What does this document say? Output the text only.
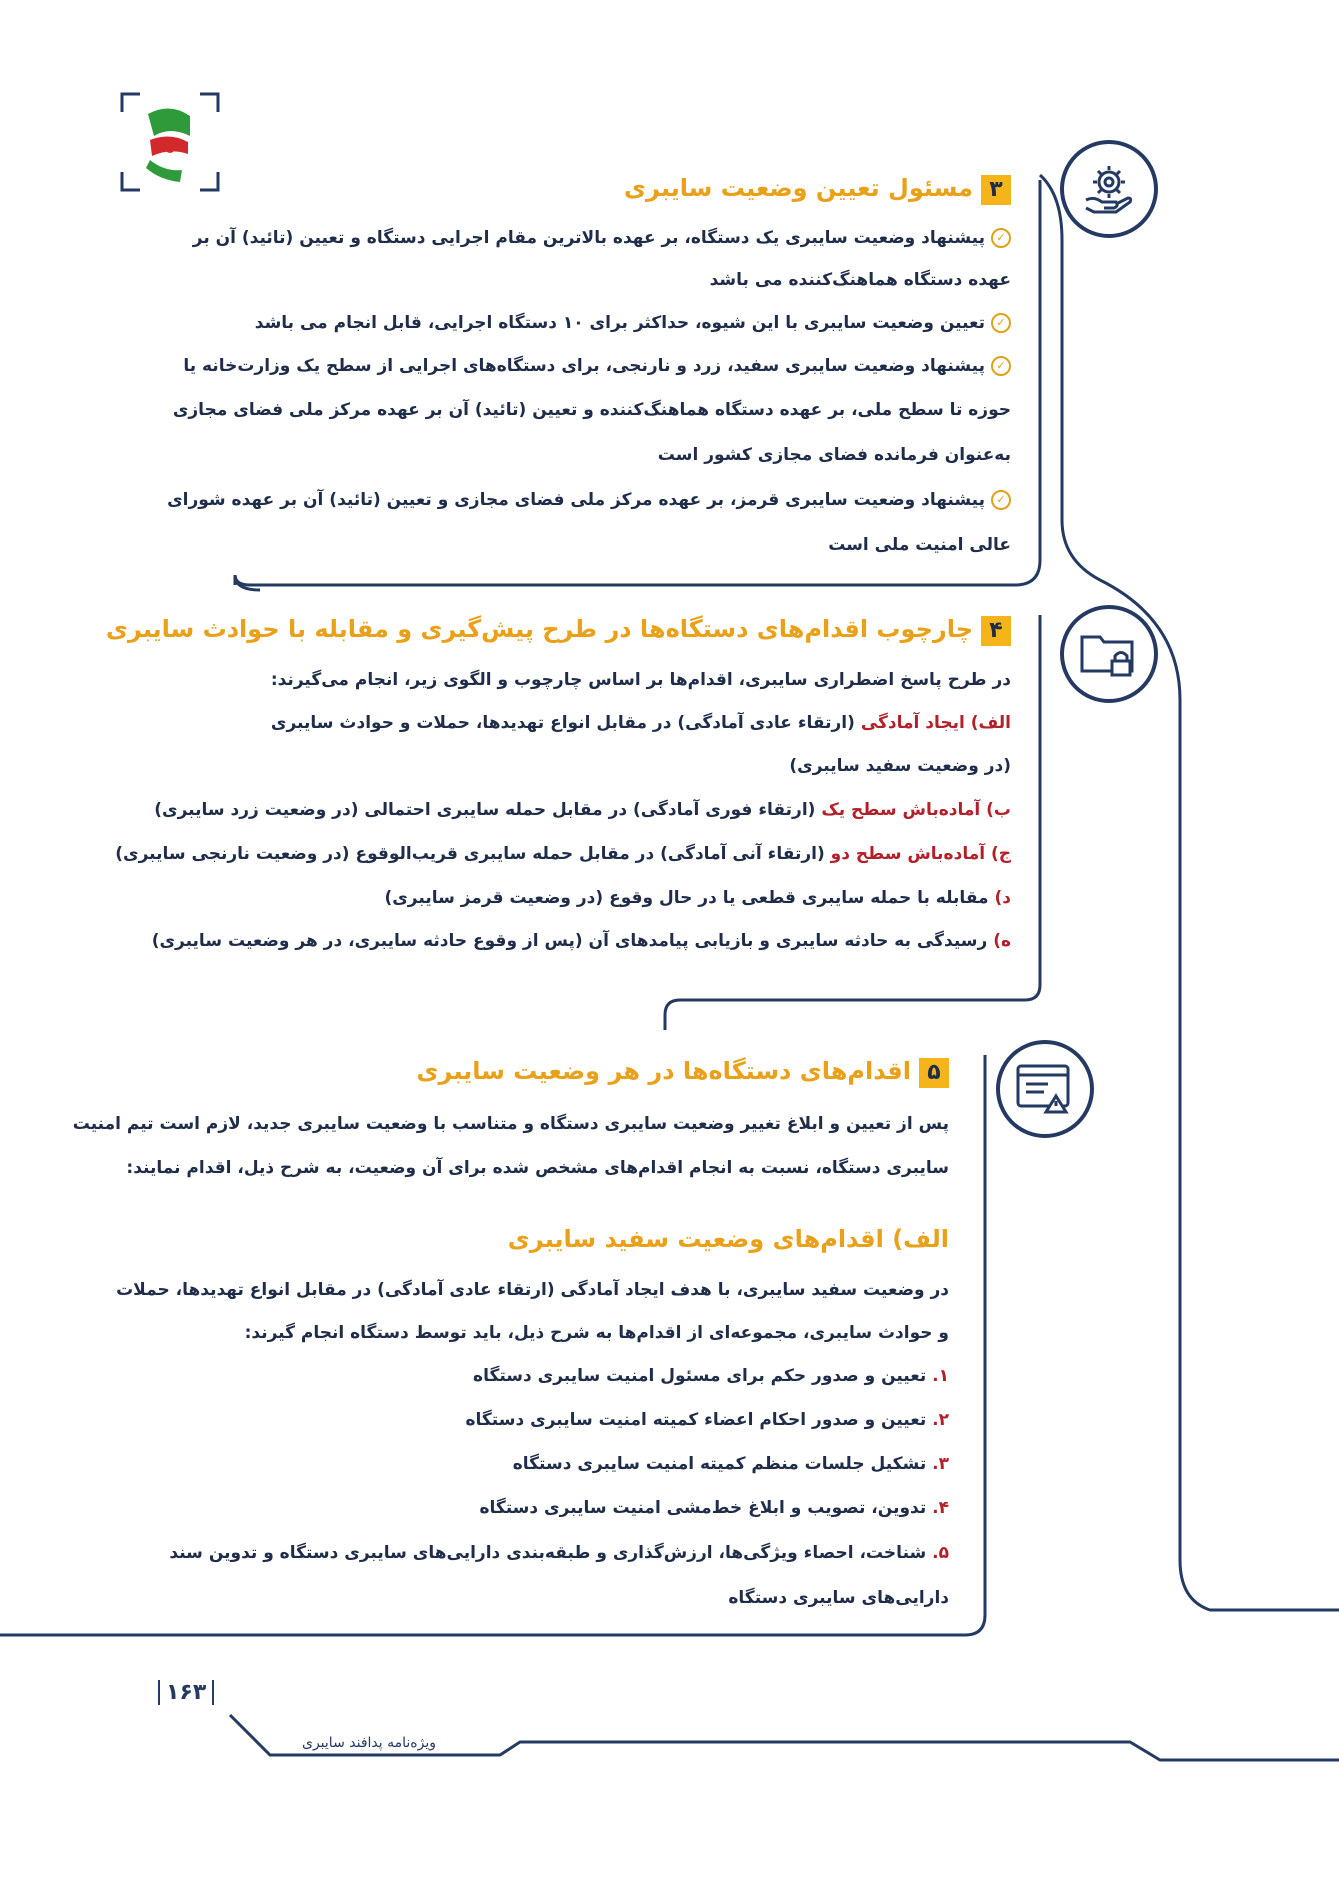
۳مسئول تعیین وضعیت سایبری
✓پیشنهاد وضعیت سایبری یک دستگاه، بر عهده بالاترین مقام اجرایی دستگاه و تعیین (تائید) آن بر
عهده دستگاه هماهنگ‌کننده می باشد
✓تعیین وضعیت سایبری با این شیوه، حداکثر برای ۱۰ دستگاه اجرایی، قابل انجام می باشد
✓پیشنهاد وضعیت سایبری سفید، زرد و نارنجی، برای دستگاه‌های اجرایی از سطح یک وزارت‌خانه یا
حوزه تا سطح ملی، بر عهده دستگاه هماهنگ‌کننده و تعیین (تائید) آن بر عهده مرکز ملی فضای مجازی
به‌عنوان فرمانده فضای مجازی کشور است
✓پیشنهاد وضعیت سایبری قرمز، بر عهده مرکز ملی فضای مجازی و تعیین (تائید) آن بر عهده شورای
عالی امنیت ملی است
۴چارچوب اقدام‌های دستگاه‌ها در طرح پیش‌گیری و مقابله با حوادث سایبری
در طرح پاسخ اضطراری سایبری، اقدام‌ها بر اساس چارچوب و الگوی زیر، انجام می‌گیرند:
الف) ایجاد آمادگی (ارتقاء عادی آمادگی) در مقابل انواع تهدیدها، حملات و حوادث سایبری
(در وضعیت سفید سایبری)
ب) آماده‌باش سطح یک (ارتقاء فوری آمادگی) در مقابل حمله سایبری احتمالی (در وضعیت زرد سایبری)
ج) آماده‌باش سطح دو (ارتقاء آنی آمادگی) در مقابل حمله سایبری قریب‌الوقوع (در وضعیت نارنجی سایبری)
د) مقابله با حمله سایبری قطعی یا در حال وقوع (در وضعیت قرمز سایبری)
ه) رسیدگی به حادثه سایبری و بازیابی پیامدهای آن (پس از وقوع حادثه سایبری، در هر وضعیت سایبری)
۵اقدام‌های دستگاه‌ها در هر وضعیت سایبری
پس از تعیین و ابلاغ تغییر وضعیت سایبری دستگاه و متناسب با وضعیت سایبری جدید، لازم است تیم امنیت
سایبری دستگاه، نسبت به انجام اقدام‌های مشخص شده برای آن وضعیت، به شرح ذیل، اقدام نمایند:
الف) اقدام‌های وضعیت سفید سایبری
در وضعیت سفید سایبری، با هدف ایجاد آمادگی (ارتقاء عادی آمادگی) در مقابل انواع تهدیدها، حملات
و حوادث سایبری، مجموعه‌ای از اقدام‌ها به شرح ذیل، باید توسط دستگاه انجام گیرند:
۱. تعیین و صدور حکم برای مسئول امنیت سایبری دستگاه
۲. تعیین و صدور احکام اعضاء کمیته امنیت سایبری دستگاه
۳. تشکیل جلسات منظم کمیته امنیت سایبری دستگاه
۴. تدوین، تصویب و ابلاغ خط‌مشی امنیت سایبری دستگاه
۵. شناخت، احصاء ویژگی‌ها، ارزش‌گذاری و طبقه‌بندی دارایی‌های سایبری دستگاه و تدوین سند
دارایی‌های سایبری دستگاه
۱۶۳
ویژه‌نامه پدافند سایبری
